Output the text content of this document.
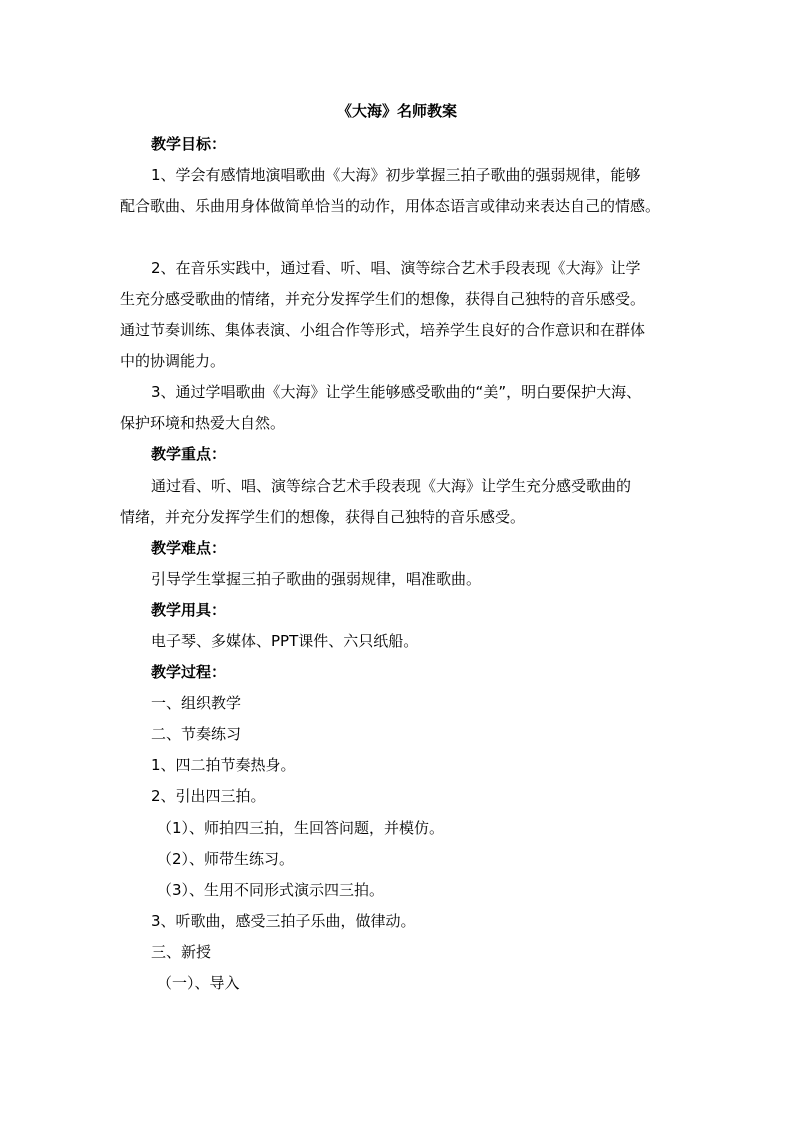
《大海》名师教案
教学目标：
1、学会有感情地演唱歌曲《大海》初步掌握三拍子歌曲的强弱规律，能够
配合歌曲、乐曲用身体做简单恰当的动作，用体态语言或律动来表达自己的情感。
2、在音乐实践中，通过看、听、唱、演等综合艺术手段表现《大海》让学
生充分感受歌曲的情绪，并充分发挥学生们的想像，获得自己独特的音乐感受。
通过节奏训练、集体表演、小组合作等形式，培养学生良好的合作意识和在群体
中的协调能力。
3、通过学唱歌曲《大海》让学生能够感受歌曲的“美”，明白要保护大海、
保护环境和热爱大自然。
教学重点：
通过看、听、唱、演等综合艺术手段表现《大海》让学生充分感受歌曲的
情绪，并充分发挥学生们的想像，获得自己独特的音乐感受。
教学难点：
引导学生掌握三拍子歌曲的强弱规律，唱准歌曲。
教学用具：
电子琴、多媒体、PPT课件、六只纸船。
教学过程：
一、组织教学
二、节奏练习
1、四二拍节奏热身。
2、引出四三拍。
（1）、师拍四三拍，生回答问题，并模仿。
（2）、师带生练习。
（3）、生用不同形式演示四三拍。
3、听歌曲，感受三拍子乐曲，做律动。
三、新授
（一）、导入
